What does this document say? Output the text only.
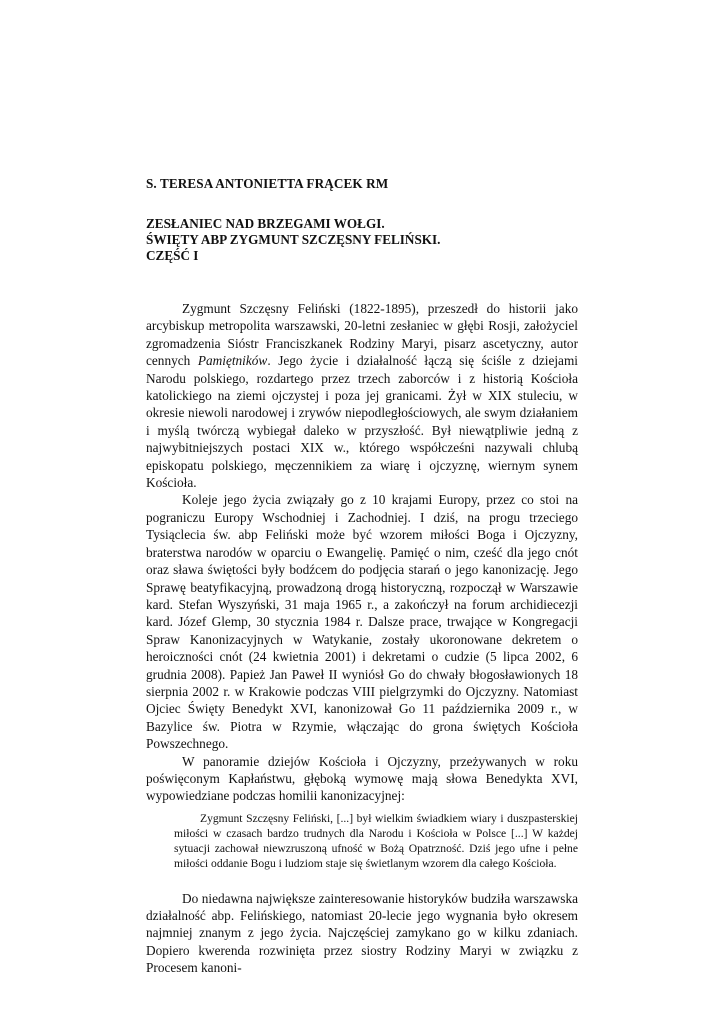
S. TERESA ANTONIETTA FRĄCEK RM

ZESŁANIEC NAD BRZEGAMI WOŁGI.
ŚWIĘTY ABP ZYGMUNT SZCZĘSNY FELIŃSKI.
CZĘŚĆ I

Zygmunt Szczęsny Feliński (1822-1895), przeszedł do historii jako arcybiskup metropolita warszawski, 20-letni zesłaniec w głębi Rosji, założyciel zgromadzenia Sióstr Franciszkanek Rodziny Maryi, pisarz ascetyczny, autor cennych Pamiętników. Jego życie i działalność łączą się ściśle z dziejami Narodu polskiego, rozdartego przez trzech zaborców i z historią Kościoła katolickiego na ziemi ojczystej i poza jej granicami. Żył w XIX stuleciu, w okresie niewoli narodowej i zrywów niepodległościowych, ale swym działaniem i myślą twórczą wybiegał daleko w przyszłość. Był niewątpliwie jedną z najwybitniejszych postaci XIX w., którego współcześni nazywali chlubą episkopatu polskiego, męczennikiem za wiarę i ojczyznę, wiernym synem Kościoła.

Koleje jego życia związały go z 10 krajami Europy, przez co stoi na pograniczu Europy Wschodniej i Zachodniej. I dziś, na progu trzeciego Tysiąclecia św. abp Feliński może być wzorem miłości Boga i Ojczyzny, braterstwa narodów w oparciu o Ewangelię. Pamięć o nim, cześć dla jego cnót oraz sława świętości były bodźcem do podjęcia starań o jego kanonizację. Jego Sprawę beatyfikacyjną, prowadzoną drogą historyczną, rozpoczął w Warszawie kard. Stefan Wyszyński, 31 maja 1965 r., a zakończył na forum archidiecezji kard. Józef Glemp, 30 stycznia 1984 r. Dalsze prace, trwające w Kongregacji Spraw Kanonizacyjnych w Watykanie, zostały ukoronowane dekretem o heroiczności cnót (24 kwietnia 2001) i dekretami o cudzie (5 lipca 2002, 6 grudnia 2008). Papież Jan Paweł II wyniósł Go do chwały błogosławionych 18 sierpnia 2002 r. w Krakowie podczas VIII pielgrzymki do Ojczyzny. Natomiast Ojciec Święty Benedykt XVI, kanonizował Go 11 października 2009 r., w Bazylice św. Piotra w Rzymie, włączając do grona świętych Kościoła Powszechnego.

W panoramie dziejów Kościoła i Ojczyzny, przeżywanych w roku poświęconym Kapłaństwu, głęboką wymowę mają słowa Benedykta XVI, wypowiedziane podczas homilii kanonizacyjnej:

Zygmunt Szczęsny Feliński, [...] był wielkim świadkiem wiary i duszpasterskiej miłości w czasach bardzo trudnych dla Narodu i Kościoła w Polsce [...] W każdej sytuacji zachował niewzruszoną ufność w Bożą Opatrzność. Dziś jego ufne i pełne miłości oddanie Bogu i ludziom staje się świetlanym wzorem dla całego Kościoła.

Do niedawna największe zainteresowanie historyków budziła warszawska działalność abp. Felińskiego, natomiast 20-lecie jego wygnania było okresem najmniej znanym z jego życia. Najczęściej zamykano go w kilku zdaniach. Dopiero kwerenda rozwinięta przez siostry Rodziny Maryi w związku z Procesem kanoni-
